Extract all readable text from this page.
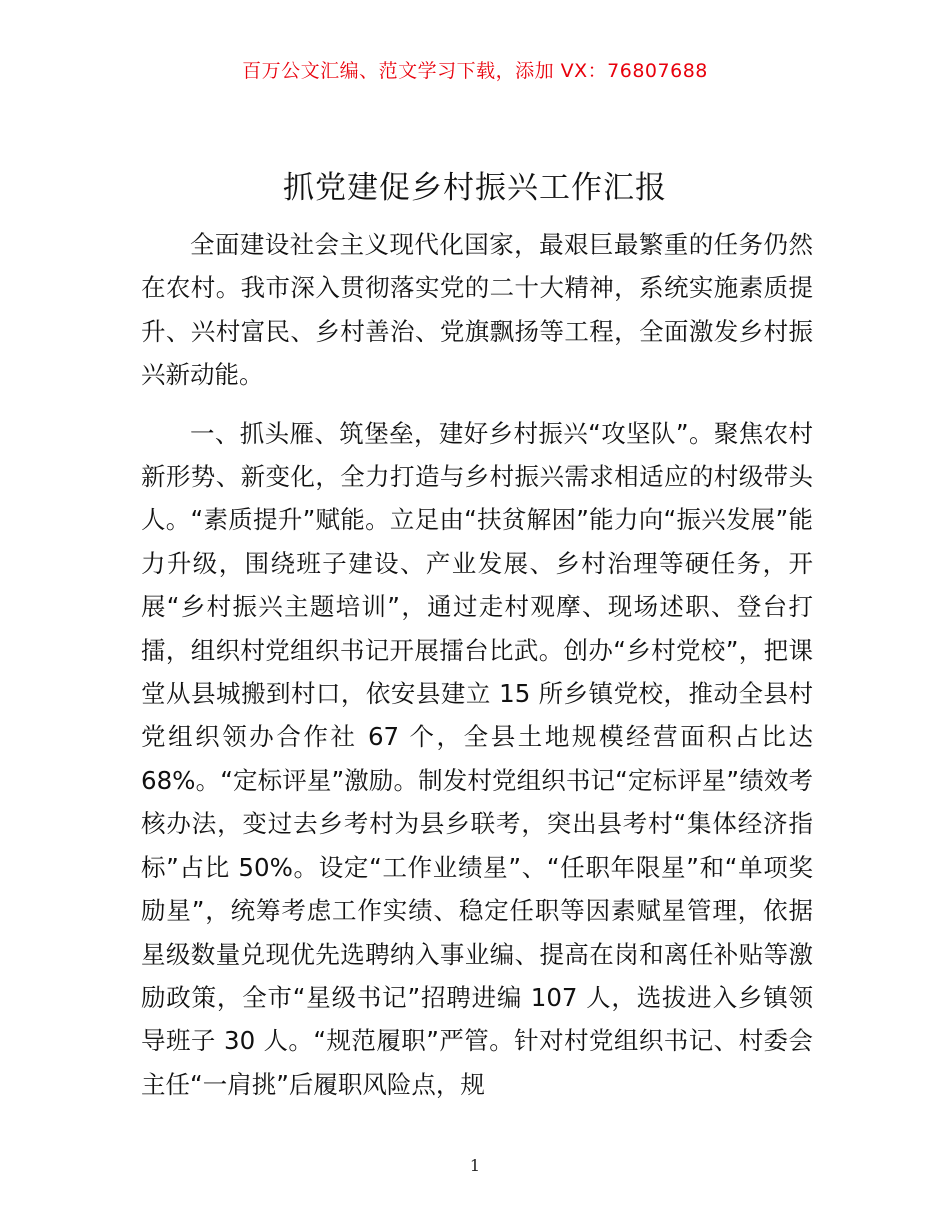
百万公文汇编、范文学习下载，添加 VX：76807688
抓党建促乡村振兴工作汇报

全面建设社会主义现代化国家，最艰巨最繁重的任务仍然在农村。我市深入贯彻落实党的二十大精神，系统实施素质提升、兴村富民、乡村善治、党旗飘扬等工程，全面激发乡村振兴新动能。

一、抓头雁、筑堡垒，建好乡村振兴“攻坚队”。聚焦农村新形势、新变化，全力打造与乡村振兴需求相适应的村级带头人。“素质提升”赋能。立足由“扶贫解困”能力向“振兴发展”能力升级，围绕班子建设、产业发展、乡村治理等硬任务，开展“乡村振兴主题培训”，通过走村观摩、现场述职、登台打擂，组织村党组织书记开展擂台比武。创办“乡村党校”，把课堂从县城搬到村口，依安县建立 15 所乡镇党校，推动全县村党组织领办合作社 67 个，全县土地规模经营面积占比达 68%。“定标评星”激励。制发村党组织书记“定标评星”绩效考核办法，变过去乡考村为县乡联考，突出县考村“集体经济指标”占比 50%。设定“工作业绩星”、“任职年限星”和“单项奖励星”，统筹考虑工作实绩、稳定任职等因素赋星管理，依据星级数量兑现优先选聘纳入事业编、提高在岗和离任补贴等激励政策，全市“星级书记”招聘进编 107 人，选拔进入乡镇领导班子 30 人。“规范履职”严管。针对村党组织书记、村委会主任“一肩挑”后履职风险点，规

1
